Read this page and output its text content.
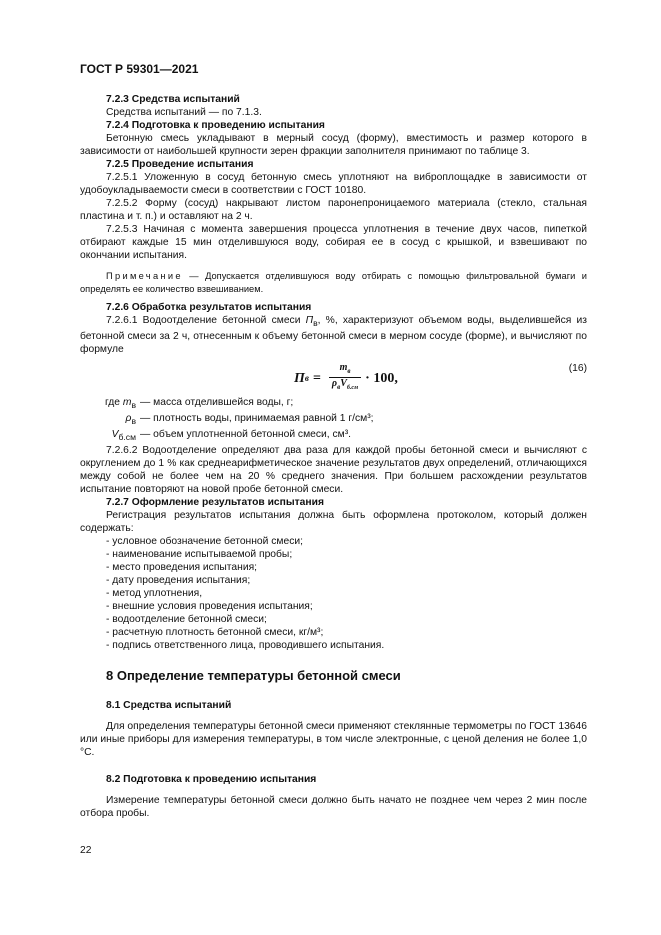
ГОСТ Р 59301—2021
7.2.3 Средства испытаний

Средства испытаний — по 7.1.3.

7.2.4 Подготовка к проведению испытания

Бетонную смесь укладывают в мерный сосуд (форму), вместимость и размер которого в зависимости от наибольшей крупности зерен фракции заполнителя принимают по таблице 3.

7.2.5 Проведение испытания

7.2.5.1 Уложенную в сосуд бетонную смесь уплотняют на виброплощадке в зависимости от удобоукладываемости смеси в соответствии с ГОСТ 10180.

7.2.5.2 Форму (сосуд) накрывают листом паронепроницаемого материала (стекло, стальная пластина и т. п.) и оставляют на 2 ч.

7.2.5.3 Начиная с момента завершения процесса уплотнения в течение двух часов, пипеткой отбирают каждые 15 мин отделившуюся воду, собирая ее в сосуд с крышкой, и взвешивают по окончании испытания.

Примечание — Допускается отделившуюся воду отбирать с помощью фильтровальной бумаги и определять ее количество взвешиванием.
7.2.6 Обработка результатов испытания

7.2.6.1 Водоотделение бетонной смеси $П_в$, %, характеризуют объемом воды, выделившейся из бетонной смеси за 2 ч, отнесенным к объему бетонной смеси в мерном сосуде (форме), и вычисляют по формуле

П $в = \frac{m_в}{\rho_вV_{б.см}} \cdot 100$,
(16)
где $m_в$ — масса отделившейся воды, г;
$\rho_в$ — плотность воды, принимаемая равной 1 г/см³;
$V_{б.см}$ — объем уплотненной бетонной смеси, см³.

7.2.6.2 Водоотделение определяют два раза для каждой пробы бетонной смеси и вычисляют с округлением до 1 % как среднеарифметическое значение результатов двух определений, отличающихся между собой не более чем на 20 % среднего значения. При большем расхождении результатов испытание повторяют на новой пробе бетонной смеси.

7.2.7 Оформление результатов испытания

Регистрация результатов испытания должна быть оформлена протоколом, который должен содержать:

- условное обозначение бетонной смеси;
- наименование испытываемой пробы;
- место проведения испытания;
- дату проведения испытания;
- метод уплотнения,
- внешние условия проведения испытания;
- водоотделение бетонной смеси;
- расчетную плотность бетонной смеси, кг/м³;
- подпись ответственного лица, проводившего испытания.
8 Определение температуры бетонной смеси
8.1 Средства испытаний

Для определения температуры бетонной смеси применяют стеклянные термометры по ГОСТ 13646 или иные приборы для измерения температуры, в том числе электронные, с ценой деления не более 1,0 °С.

8.2 Подготовка к проведению испытания

Измерение температуры бетонной смеси должно быть начато не позднее чем через 2 мин после отбора пробы.

22
